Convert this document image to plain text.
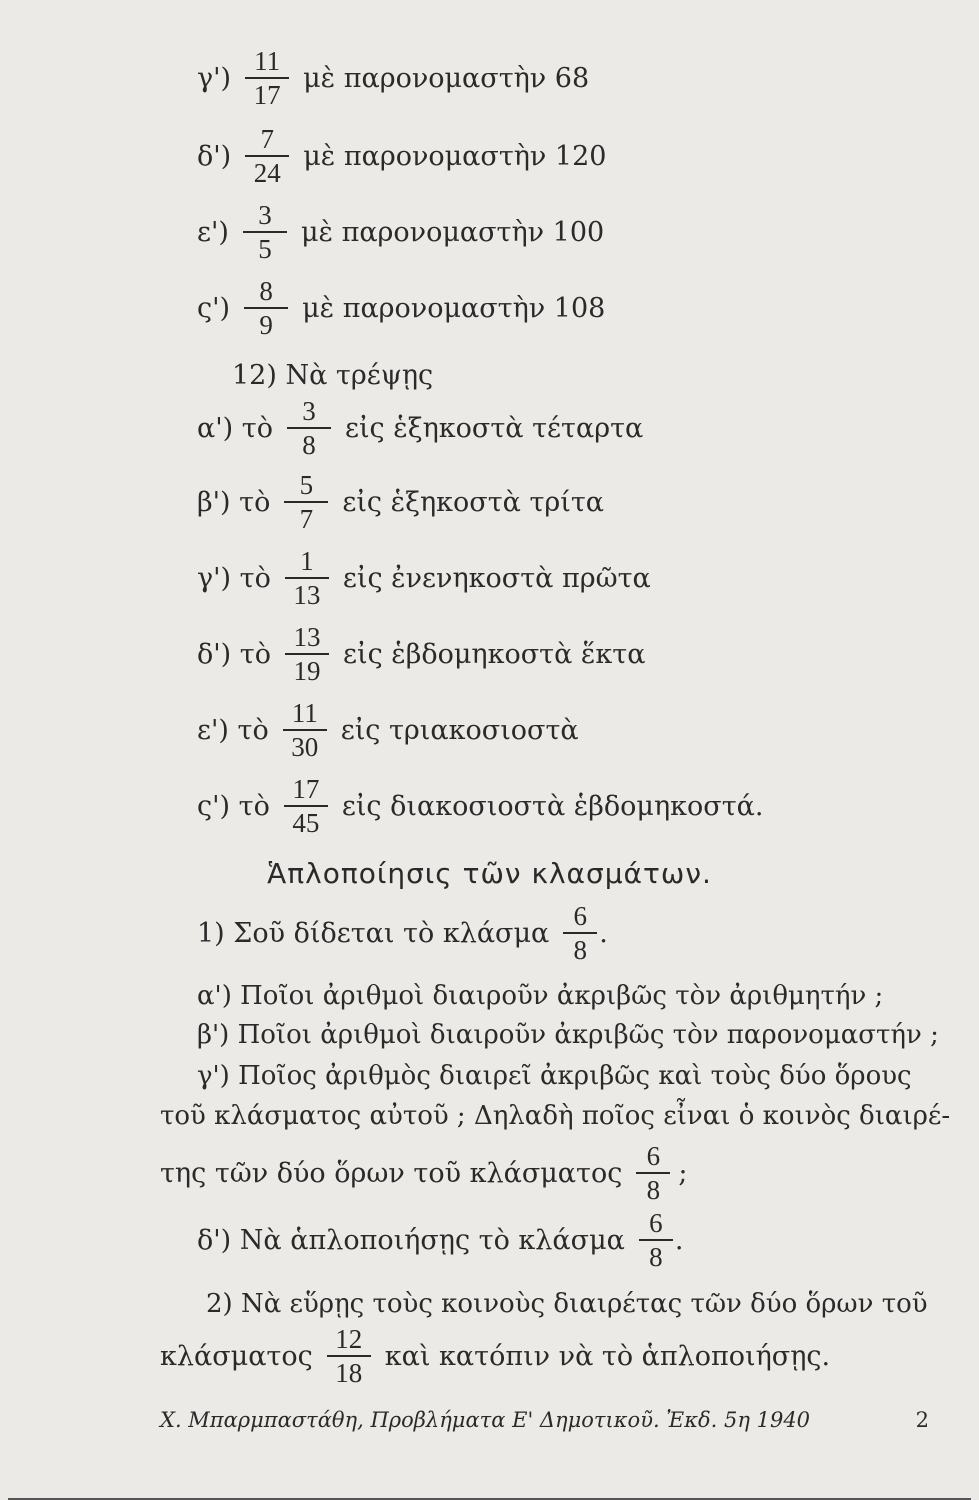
$\gamma') \frac{11}{17}$ μὲ παρονομαστὴν 68
$\delta') \frac{7}{24}$ μὲ παρονομαστὴν 120
$\varepsilon') \frac{3}{5}$ μὲ παρονομαστὴν 100
$\varsigma') \frac{8}{9}$ μὲ παρονομαστὴν 108
12) Νὰ τρέψῃς
α') τὸ $\frac{3}{8}$ εἰς ἑξηκοστὰ τέταρτα
β') τὸ $\frac{5}{7}$ εἰς ἑξηκοστὰ τρίτα
γ') τὸ $\frac{1}{13}$ εἰς ἐνενηκοστὰ πρῶτα
δ') τὸ $\frac{13}{19}$ εἰς ἑβδομηκοστὰ ἕκτα
ε') τὸ $\frac{11}{30}$ εἰς τριακοσιοστὰ
ς') τὸ $\frac{17}{45}$ εἰς διακοσιοστὰ ἑβδομηκοστά.
Ἁπλοποίησις τῶν κλασμάτων.
1) Σοῦ δίδεται τὸ κλάσμα $\frac{6}{8}$ .
α') Ποῖοι ἀριθμοὶ διαιροῦν ἀκριβῶς τὸν ἀριθμητήν ;
β') Ποῖοι ἀριθμοὶ διαιροῦν ἀκριβῶς τὸν παρονομαστήν ;
γ') Ποῖος ἀριθμὸς διαιρεῖ ἀκριβῶς καὶ τοὺς δύο ὅρους
τοῦ κλάσματος αὐτοῦ ; Δηλαδὴ ποῖος εἶναι ὁ κοινὸς διαιρέ-
της τῶν δύο ὅρων τοῦ κλάσματος $\frac{6}{8}$ ;
δ') Νὰ ἁπλοποιήσῃς τὸ κλάσμα $\frac{6}{8}$ .
2) Νὰ εὕρῃς τοὺς κοινοὺς διαιρέτας τῶν δύο ὅρων τοῦ
κλάσματος $\frac{12}{18}$ καὶ κατόπιν νὰ τὸ ἁπλοποιήσῃς.
Χ. Μπαρμπαστάθη, Προβλήματα Ε' Δημοτικοῦ. Ἐκδ. 5η 1940	2
